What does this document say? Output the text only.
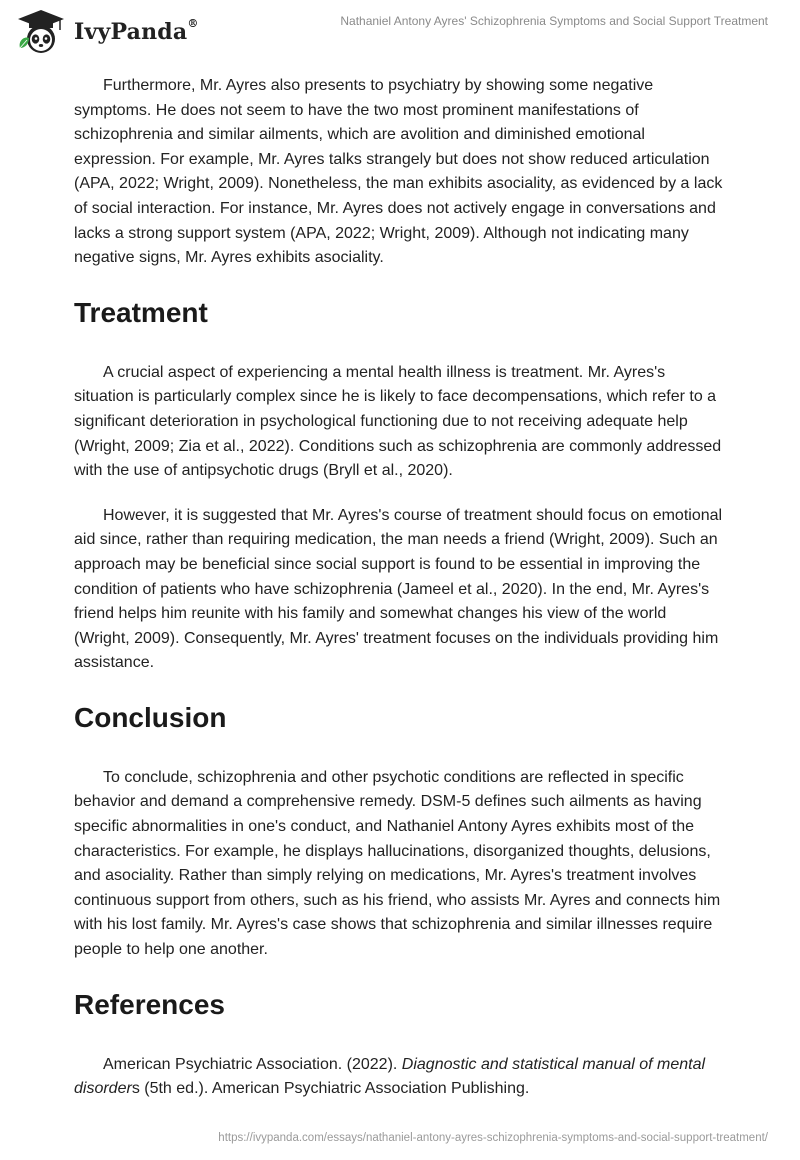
IvyPanda®	Nathaniel Antony Ayres' Schizophrenia Symptoms and Social Support Treatment

Furthermore, Mr. Ayres also presents to psychiatry by showing some negative symptoms. He does not seem to have the two most prominent manifestations of schizophrenia and similar ailments, which are avolition and diminished emotional expression. For example, Mr. Ayres talks strangely but does not show reduced articulation (APA, 2022; Wright, 2009). Nonetheless, the man exhibits asociality, as evidenced by a lack of social interaction. For instance, Mr. Ayres does not actively engage in conversations and lacks a strong support system (APA, 2022; Wright, 2009). Although not indicating many negative signs, Mr. Ayres exhibits asociality.

Treatment

A crucial aspect of experiencing a mental health illness is treatment. Mr. Ayres's situation is particularly complex since he is likely to face decompensations, which refer to a significant deterioration in psychological functioning due to not receiving adequate help (Wright, 2009; Zia et al., 2022). Conditions such as schizophrenia are commonly addressed with the use of antipsychotic drugs (Bryll et al., 2020).

However, it is suggested that Mr. Ayres's course of treatment should focus on emotional aid since, rather than requiring medication, the man needs a friend (Wright, 2009). Such an approach may be beneficial since social support is found to be essential in improving the condition of patients who have schizophrenia (Jameel et al., 2020). In the end, Mr. Ayres's friend helps him reunite with his family and somewhat changes his view of the world (Wright, 2009). Consequently, Mr. Ayres' treatment focuses on the individuals providing him assistance.

Conclusion

To conclude, schizophrenia and other psychotic conditions are reflected in specific behavior and demand a comprehensive remedy. DSM-5 defines such ailments as having specific abnormalities in one's conduct, and Nathaniel Antony Ayres exhibits most of the characteristics. For example, he displays hallucinations, disorganized thoughts, delusions, and asociality. Rather than simply relying on medications, Mr. Ayres's treatment involves continuous support from others, such as his friend, who assists Mr. Ayres and connects him with his lost family. Mr. Ayres's case shows that schizophrenia and similar illnesses require people to help one another.

References

American Psychiatric Association. (2022). Diagnostic and statistical manual of mental disorders (5th ed.). American Psychiatric Association Publishing.

https://ivypanda.com/essays/nathaniel-antony-ayres-schizophrenia-symptoms-and-social-support-treatment/
